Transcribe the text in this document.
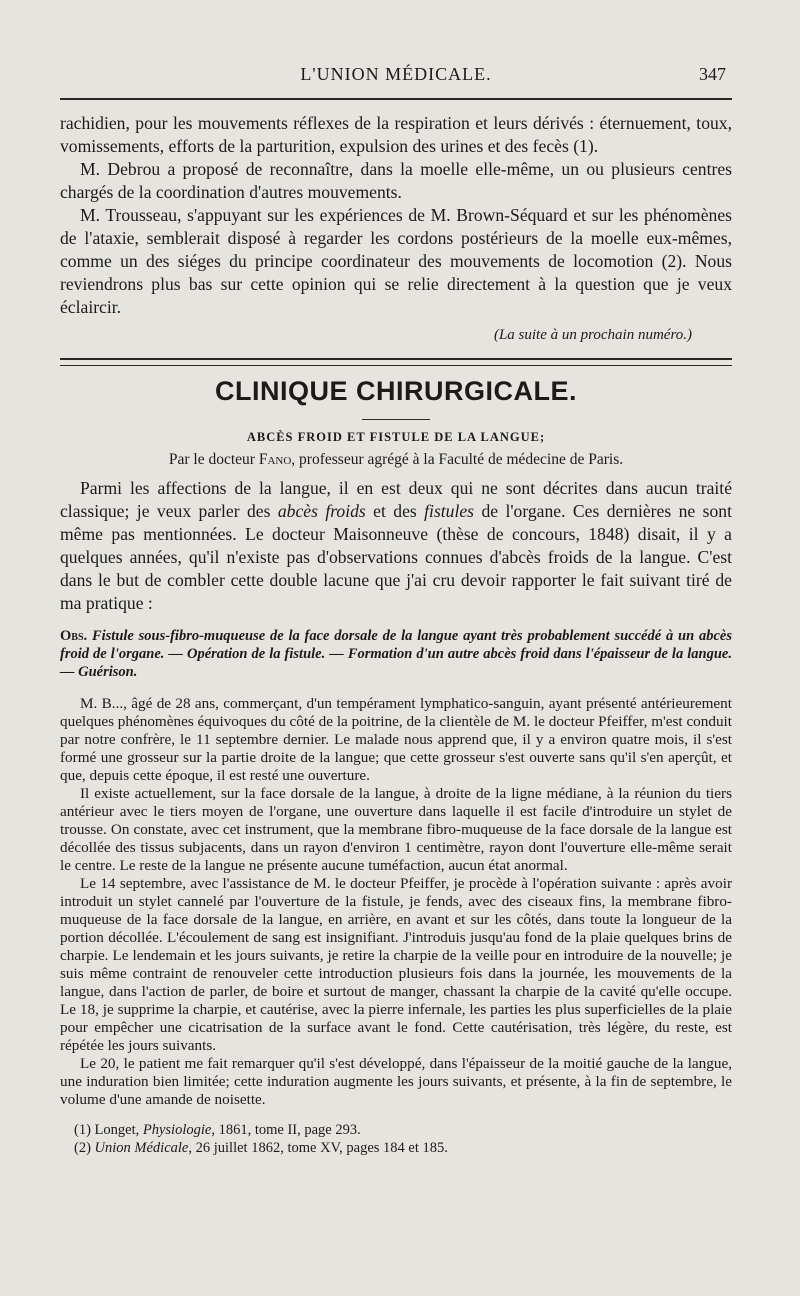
L'UNION MÉDICALE.	347

rachidien, pour les mouvements réflexes de la respiration et leurs dérivés : éternuement, toux, vomissements, efforts de la parturition, expulsion des urines et des fecès (1).

M. Debrou a proposé de reconnaître, dans la moelle elle-même, un ou plusieurs centres chargés de la coordination d'autres mouvements.

M. Trousseau, s'appuyant sur les expériences de M. Brown-Séquard et sur les phénomènes de l'ataxie, semblerait disposé à regarder les cordons postérieurs de la moelle eux-mêmes, comme un des siéges du principe coordinateur des mouvements de locomotion (2). Nous reviendrons plus bas sur cette opinion qui se relie directement à la question que je veux éclaircir.

(La suite à un prochain numéro.)
CLINIQUE CHIRURGICALE.
ABCÈS FROID ET FISTULE DE LA LANGUE;
Par le docteur Fano, professeur agrégé à la Faculté de médecine de Paris.

Parmi les affections de la langue, il en est deux qui ne sont décrites dans aucun traité classique; je veux parler des abcès froids et des fistules de l'organe. Ces dernières ne sont même pas mentionnées. Le docteur Maisonneuve (thèse de concours, 1848) disait, il y a quelques années, qu'il n'existe pas d'observations connues d'abcès froids de la langue. C'est dans le but de combler cette double lacune que j'ai cru devoir rapporter le fait suivant tiré de ma pratique :

Obs. Fistule sous-fibro-muqueuse de la face dorsale de la langue ayant très probablement succédé à un abcès froid de l'organe. — Opération de la fistule. — Formation d'un autre abcès froid dans l'épaisseur de la langue. — Guérison.

M. B..., âgé de 28 ans, commerçant, d'un tempérament lymphatico-sanguin, ayant présenté antérieurement quelques phénomènes équivoques du côté de la poitrine, de la clientèle de M. le docteur Pfeiffer, m'est conduit par notre confrère, le 11 septembre dernier. Le malade nous apprend que, il y a environ quatre mois, il s'est formé une grosseur sur la partie droite de la langue; que cette grosseur s'est ouverte sans qu'il s'en aperçût, et que, depuis cette époque, il est resté une ouverture.

Il existe actuellement, sur la face dorsale de la langue, à droite de la ligne médiane, à la réunion du tiers antérieur avec le tiers moyen de l'organe, une ouverture dans laquelle il est facile d'introduire un stylet de trousse. On constate, avec cet instrument, que la membrane fibro-muqueuse de la face dorsale de la langue est décollée des tissus subjacents, dans un rayon d'environ 1 centimètre, rayon dont l'ouverture elle-même serait le centre. Le reste de la langue ne présente aucune tuméfaction, aucun état anormal.

Le 14 septembre, avec l'assistance de M. le docteur Pfeiffer, je procède à l'opération suivante : après avoir introduit un stylet cannelé par l'ouverture de la fistule, je fends, avec des ciseaux fins, la membrane fibro-muqueuse de la face dorsale de la langue, en arrière, en avant et sur les côtés, dans toute la longueur de la portion décollée. L'écoulement de sang est insignifiant. J'introduis jusqu'au fond de la plaie quelques brins de charpie. Le lendemain et les jours suivants, je retire la charpie de la veille pour en introduire de la nouvelle; je suis même contraint de renouveler cette introduction plusieurs fois dans la journée, les mouvements de la langue, dans l'action de parler, de boire et surtout de manger, chassant la charpie de la cavité qu'elle occupe. Le 18, je supprime la charpie, et cautérise, avec la pierre infernale, les parties les plus superficielles de la plaie pour empêcher une cicatrisation de la surface avant le fond. Cette cautérisation, très légère, du reste, est répétée les jours suivants.

Le 20, le patient me fait remarquer qu'il s'est développé, dans l'épaisseur de la moitié gauche de la langue, une induration bien limitée; cette induration augmente les jours suivants, et présente, à la fin de septembre, le volume d'une amande de noisette.

(1) Longet, Physiologie, 1861, tome II, page 293.
(2) Union Médicale, 26 juillet 1862, tome XV, pages 184 et 185.
